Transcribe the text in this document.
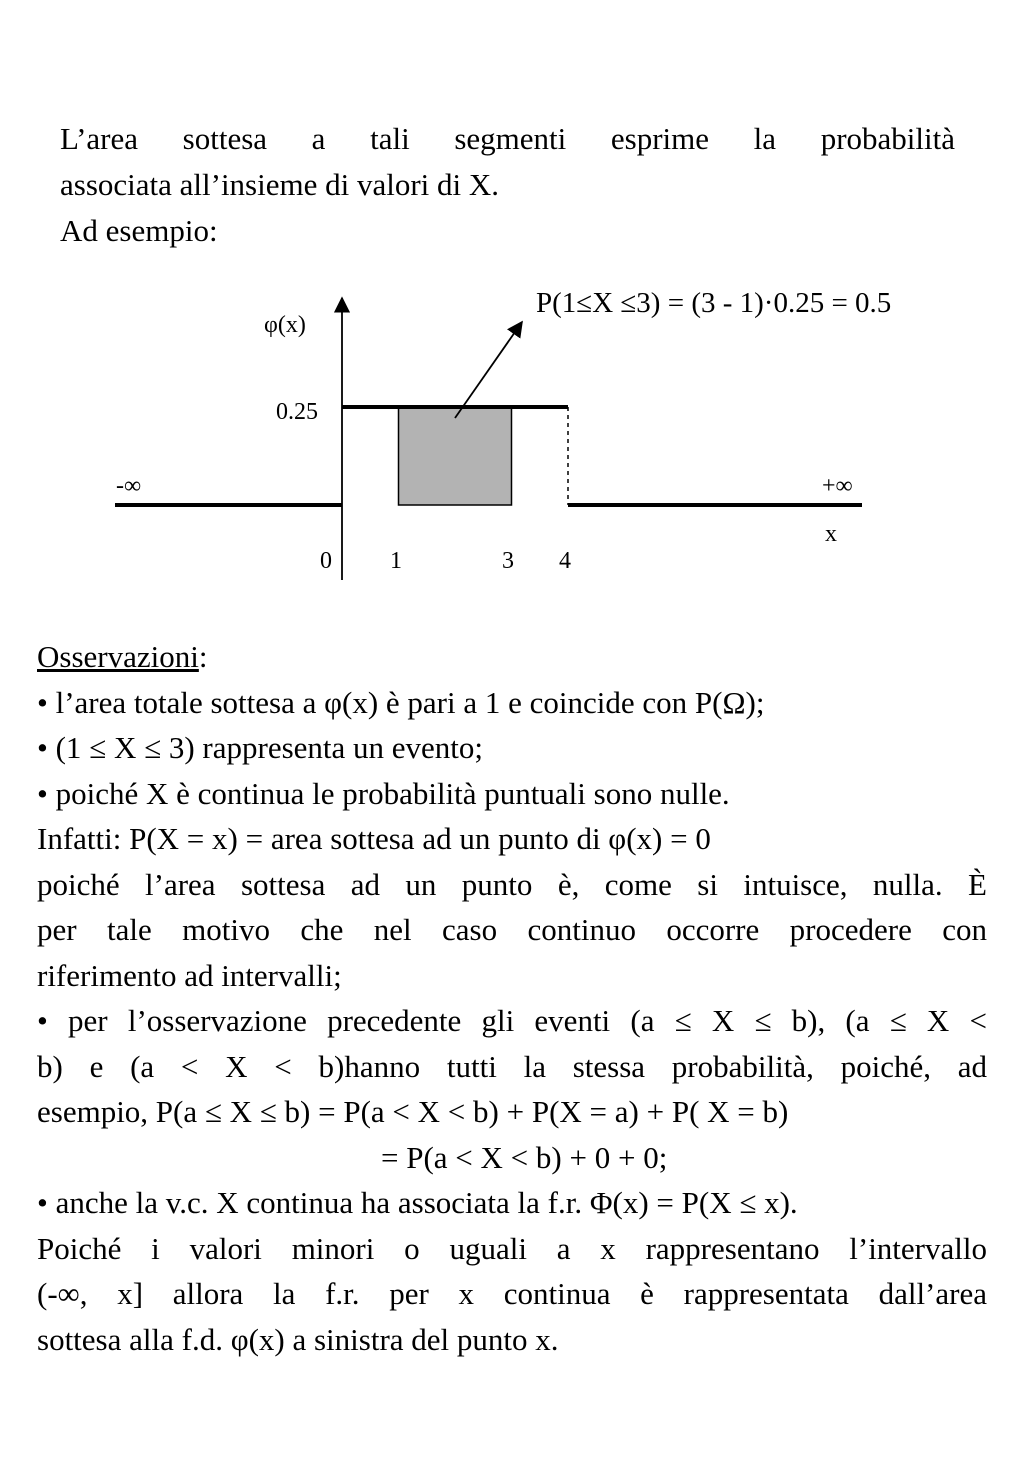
L’area sottesa a tali segmenti esprime la probabilità

associata all’insieme di valori di X.

Ad esempio:

P(1≤X ≤3) = (3 - 1)·0.25 = 0.5
φ(x)
0.25
-∞	+∞
x
0 1	3 4

Osservazioni:

• l’area totale sottesa a φ(x) è pari a 1 e coincide con P(Ω);

• (1 ≤ X ≤ 3) rappresenta un evento;

• poiché X è continua le probabilità puntuali sono nulle.

Infatti: P(X = x) = area sottesa ad un punto di φ(x) = 0

poiché l’area sottesa ad un punto è, come si intuisce, nulla. È

per tale motivo che nel caso continuo occorre procedere con

riferimento ad intervalli;

• per l’osservazione precedente gli eventi (a ≤ X ≤ b), (a ≤ X <

b) e (a < X < b)hanno tutti la stessa probabilità, poiché, ad

esempio, P(a ≤ X ≤ b) = P(a < X < b) + P(X = a) + P( X = b)

= P(a < X < b) + 0 + 0;

• anche la v.c. X continua ha associata la f.r. Φ(x) = P(X ≤ x).

Poiché i valori minori o uguali a x rappresentano l’intervallo

(-∞, x] allora la f.r. per x continua è rappresentata dall’area

sottesa alla f.d. φ(x) a sinistra del punto x.
